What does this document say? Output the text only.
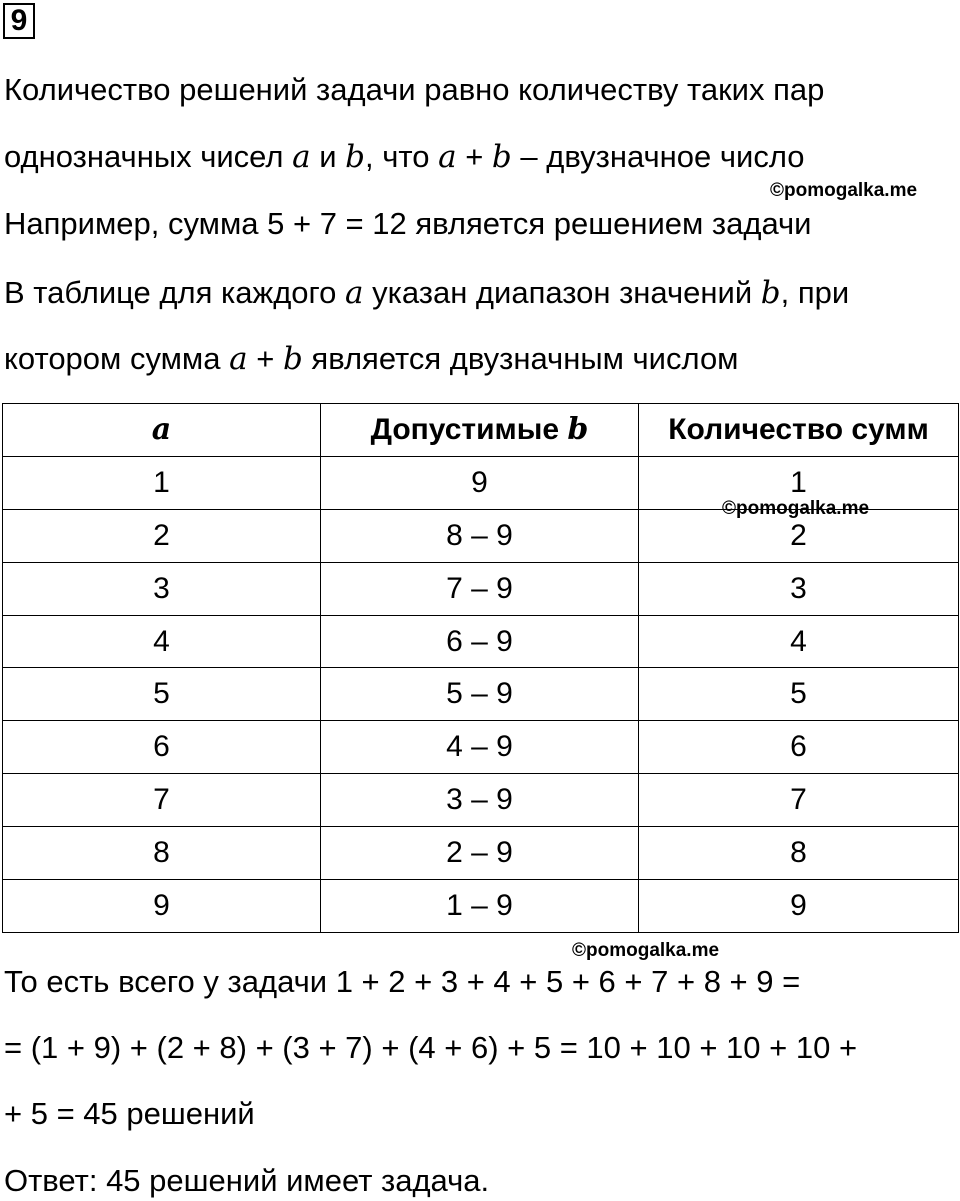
9
Количество решений задачи равно количеству таких пар
однозначных чисел a и b, что a + b – двузначное число
©pomogalka.me
Например, сумма 5 + 7 = 12 является решением задачи
В таблице для каждого a указан диапазон значений b, при
котором сумма a + b является двузначным числом
a	Допустимые b	Количество сумм
1	9	1
2	8 – 9	2
3	7 – 9	3
4	6 – 9	4
5	5 – 9	5
6	4 – 9	6
7	3 – 9	7
8	2 – 9	8
9	1 – 9	9
©pomogalka.me
©pomogalka.me
То есть всего у задачи 1 + 2 + 3 + 4 + 5 + 6 + 7 + 8 + 9 =
= (1 + 9) + (2 + 8) + (3 + 7) + (4 + 6) + 5 = 10 + 10 + 10 + 10 +
+ 5 = 45 решений
Ответ: 45 решений имеет задача.
